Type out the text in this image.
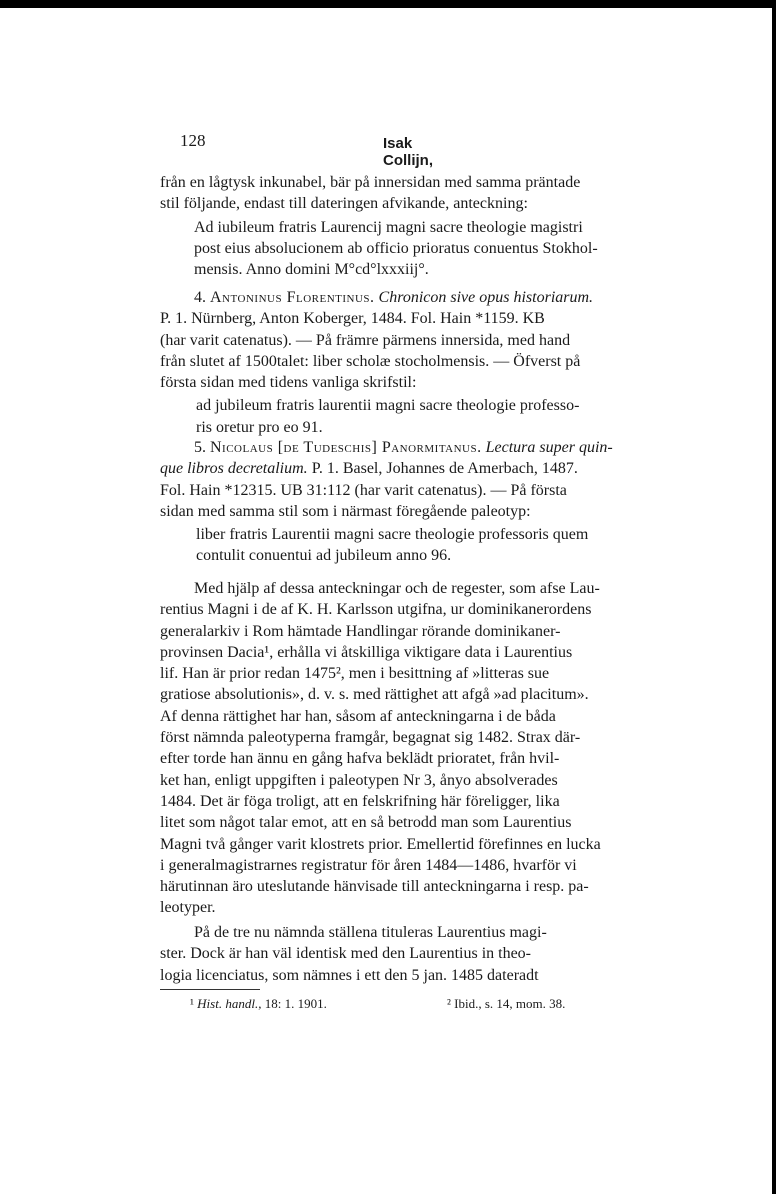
128	Isak Collijn,

från en lågtysk inkunabel, bär på innersidan med samma präntade

stil följande, endast till dateringen afvikande, anteckning:

Ad iubileum fratris Laurencij magni sacre theologie magistri

post eius absolucionem ab officio prioratus conuentus Stokhol-

mensis. Anno domini M°cd°lxxxiij°.

4. Antoninus Florentinus. Chronicon sive opus historiarum.

P. 1. Nürnberg, Anton Koberger, 1484. Fol. Hain *1159. KB

(har varit catenatus). — På främre pärmens innersida, med hand

från slutet af 1500talet: liber scholæ stocholmensis. — Öfverst på

första sidan med tidens vanliga skrifstil:

ad jubileum fratris laurentii magni sacre theologie professo-

ris oretur pro eo 91.

5. Nicolaus [de Tudeschis] Panormitanus. Lectura super quin-

que libros decretalium. P. 1. Basel, Johannes de Amerbach, 1487.

Fol. Hain *12315. UB 31:112 (har varit catenatus). — På första

sidan med samma stil som i närmast föregående paleotyp:

liber fratris Laurentii magni sacre theologie professoris quem

contulit conuentui ad jubileum anno 96.

Med hjälp af dessa anteckningar och de regester, som afse Lau-

rentius Magni i de af K. H. Karlsson utgifna, ur dominikanerordens

generalarkiv i Rom hämtade Handlingar rörande dominikaner-

provinsen Dacia¹, erhålla vi åtskilliga viktigare data i Laurentius

lif. Han är prior redan 1475², men i besittning af »litteras sue

gratiose absolutionis», d. v. s. med rättighet att afgå »ad placitum».

Af denna rättighet har han, såsom af anteckningarna i de båda

först nämnda paleotyperna framgår, begagnat sig 1482. Strax där-

efter torde han ännu en gång hafva beklädt prioratet, från hvil-

ket han, enligt uppgiften i paleotypen Nr 3, ånyo absolverades

1484. Det är föga troligt, att en felskrifning här föreligger, lika

litet som något talar emot, att en så betrodd man som Laurentius

Magni två gånger varit klostrets prior. Emellertid förefinnes en lucka

i generalmagistrarnes registratur för åren 1484—1486, hvarför vi

härutinnan äro uteslutande hänvisade till anteckningarna i resp. pa-

leotyper.

På de tre nu nämnda ställena tituleras Laurentius magi-

ster. Dock är han väl identisk med den Laurentius in theo-

logia licenciatus, som nämnes i ett den 5 jan. 1485 dateradt

¹ Hist. handl., 18: 1. 1901.	² Ibid., s. 14, mom. 38.
